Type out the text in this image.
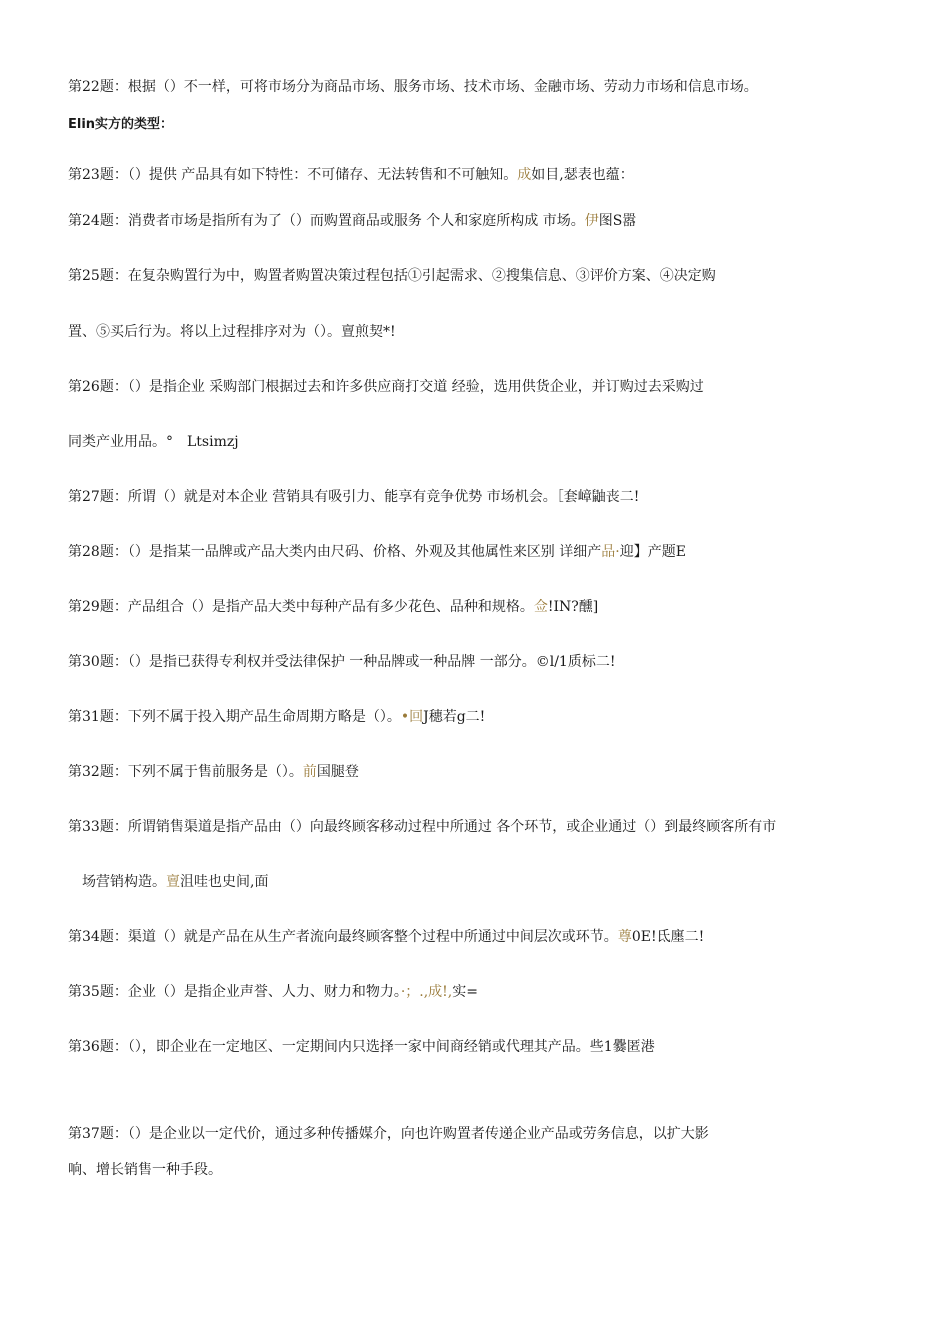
第22题：根据（）不一样，可将市场分为商品市场、服务市场、技术市场、金融市场、劳动力市场和信息市场。
Elin实方的类型：
第23题：（）提供 产品具有如下特性：不可储存、无法转售和不可触知。成如目,瑟表也蕴：
第24题：消费者市场是指所有为了（）而购置商品或服务 个人和家庭所构成 市场。伊图S嚣
第25题：在复杂购置行为中，购置者购置决策过程包括①引起需求、②搜集信息、③评价方案、④决定购
置、⑤买后行为。将以上过程排序对为（）。亶煎契*!
第26题：（）是指企业 采购部门根据过去和许多供应商打交道 经验，选用供货企业，并订购过去采购过
同类产业用品。°　Ltsimzj
第27题：所谓（）就是对本企业 营销具有吸引力、能享有竞争优势 市场机会。［套嶂鼬丧二!
第28题：（）是指某一品牌或产品大类内由尺码、价格、外观及其他属性来区别 详细产品·迎】产题E
第29题：产品组合（）是指产品大类中每种产品有多少花色、品种和规格。佥!IN?醺]
第30题：（）是指已获得专利权并受法律保护 一种品牌或一种品牌 一部分。©l/1质标二!
第31题：下列不属于投入期产品生命周期方略是（）。•回J穗若g二!
第32题：下列不属于售前服务是（）。前国腿登
第33题：所谓销售渠道是指产品由（）向最终顾客移动过程中所通过 各个环节，或企业通过（）到最终顾客所有市
场营销构造。亶沮哇也史间,面
第34题：渠道（）就是产品在从生产者流向最终顾客整个过程中所通过中间层次或环节。尊0E!氐廛二!
第35题：企业（）是指企业声誉、人力、财力和物力。·；.,成!,实=
第36题：（），即企业在一定地区、一定期间内只选择一家中间商经销或代理其产品。些1爨匿港
第37题：（）是企业以一定代价，通过多种传播媒介，向也许购置者传递企业产品或劳务信息，以扩大影
响、增长销售一种手段。
